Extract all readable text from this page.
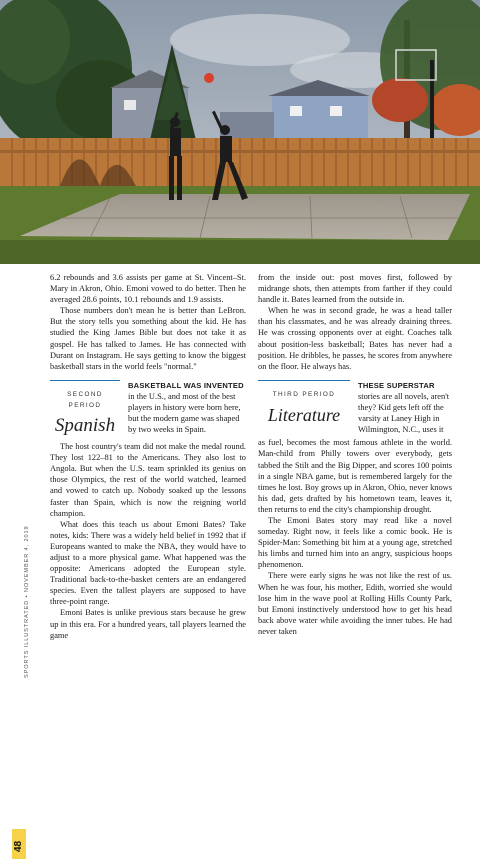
SPORTS ILLUSTRATED • NOVEMBER 4, 2019
48

6.2 rebounds and 3.6 assists per game at St. Vincent–St. Mary in Akron, Ohio. Emoni vowed to do better. Then he averaged 28.6 points, 10.1 rebounds and 1.9 assists.

Those numbers don't mean he is better than LeBron. But the story tells you something about the kid. He has studied the King James Bible but does not take it as gospel. He has talked to James. He has connected with Durant on Instagram. He says getting to know the biggest basketball stars in the world feels "normal."

SECOND PERIOD
Spanish
BASKETBALL WAS INVENTED in the U.S., and most of the best players in history were born here, but the modern game was shaped by two weeks in Spain.

The host country's team did not make the medal round. They lost 122–81 to the Americans. They also lost to Angola. But when the U.S. team sprinkled its genius on those Olympics, the rest of the world watched, learned and vowed to catch up. Nobody soaked up the lessons faster than Spain, which is now the reigning world champion.

What does this teach us about Emoni Bates? Take notes, kids: There was a widely held belief in 1992 that if Europeans wanted to make the NBA, they would have to adjust to a more physical game. What happened was the opposite: Americans adopted the European style. Traditional back-to-the-basket centers are an endangered species. Even the tallest players are supposed to have three-point range.

Emoni Bates is unlike previous stars because he grew up in this era. For a hundred years, tall players learned the game

from the inside out: post moves first, followed by midrange shots, then attempts from farther if they could handle it. Bates learned from the outside in.

When he was in second grade, he was a head taller than his classmates, and he was already draining threes. He was crossing opponents over at eight. Coaches talk about position-less basketball; Bates has never had a position. He dribbles, he passes, he scores from anywhere on the floor. He always has.

THIRD PERIOD
Literature
THESE SUPERSTAR stories are all novels, aren't they? Kid gets left off the varsity at Laney High in Wilmington, N.C., uses it

as fuel, becomes the most famous athlete in the world. Man-child from Philly towers over everybody, gets tabbed the Stilt and the Big Dipper, and scores 100 points in a single NBA game, but is remembered largely for the times he lost. Boy grows up in Akron, Ohio, never knows his dad, gets drafted by his hometown team, leaves it, then returns to end the city's championship drought.

The Emoni Bates story may read like a novel someday. Right now, it feels like a comic book. He is Spider-Man: Something bit him at a young age, stretched his limbs and turned him into an angry, suspicious hoops phenomenon.

There were early signs he was not like the rest of us. When he was four, his mother, Edith, worried she would lose him in the wave pool at Rolling Hills County Park, but Emoni instinctively understood how to get his head back above water while avoiding the inner tubes. He had never taken
